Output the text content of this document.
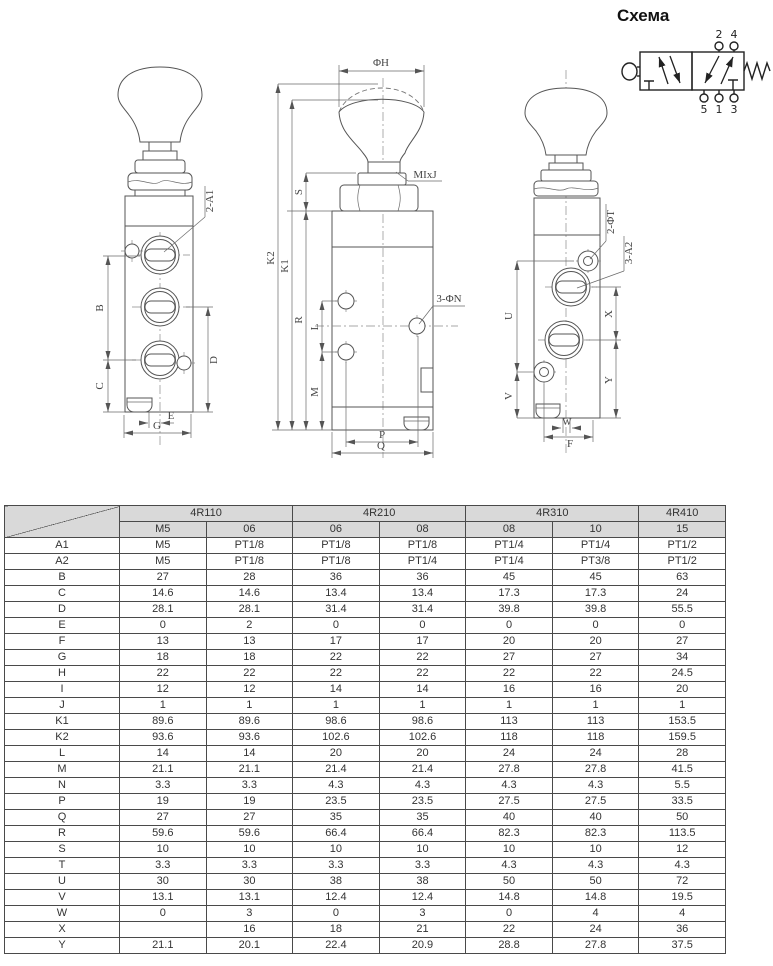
2-A1
B
C
D
E
G
ΦH
K2
K1
S
R
L
M
MIxJ
3-ΦN
P
Q
2-ΦT
3-A2
U
V
X
Y
W
F
Схема
2 4
5 1 3
	4R110		4R210		4R310		4R410
	M5	06	06	08	08	10	15
A1	M5	PT1/8	PT1/8	PT1/8	PT1/4	PT1/4	PT1/2
A2	M5	PT1/8	PT1/8	PT1/4	PT1/4	PT3/8	PT1/2
B	27	28	36	36	45	45	63
C	14.6	14.6	13.4	13.4	17.3	17.3	24
D	28.1	28.1	31.4	31.4	39.8	39.8	55.5
E	0	2	0	0	0	0	0
F	13	13	17	17	20	20	27
G	18	18	22	22	27	27	34
H	22	22	22	22	22	22	24.5
I	12	12	14	14	16	16	20
J	1	1	1	1	1	1	1
K1	89.6	89.6	98.6	98.6	113	113	153.5
K2	93.6	93.6	102.6	102.6	118	118	159.5
L	14	14	20	20	24	24	28
M	21.1	21.1	21.4	21.4	27.8	27.8	41.5
N	3.3	3.3	4.3	4.3	4.3	4.3	5.5
P	19	19	23.5	23.5	27.5	27.5	33.5
Q	27	27	35	35	40	40	50
R	59.6	59.6	66.4	66.4	82.3	82.3	113.5
S	10	10	10	10	10	10	12
T	3.3	3.3	3.3	3.3	4.3	4.3	4.3
U	30	30	38	38	50	50	72
V	13.1	13.1	12.4	12.4	14.8	14.8	19.5
W	0	3	0	3	0	4	4
X		16	18	21	22	24	36
Y	21.1	20.1	22.4	20.9	28.8	27.8	37.5
